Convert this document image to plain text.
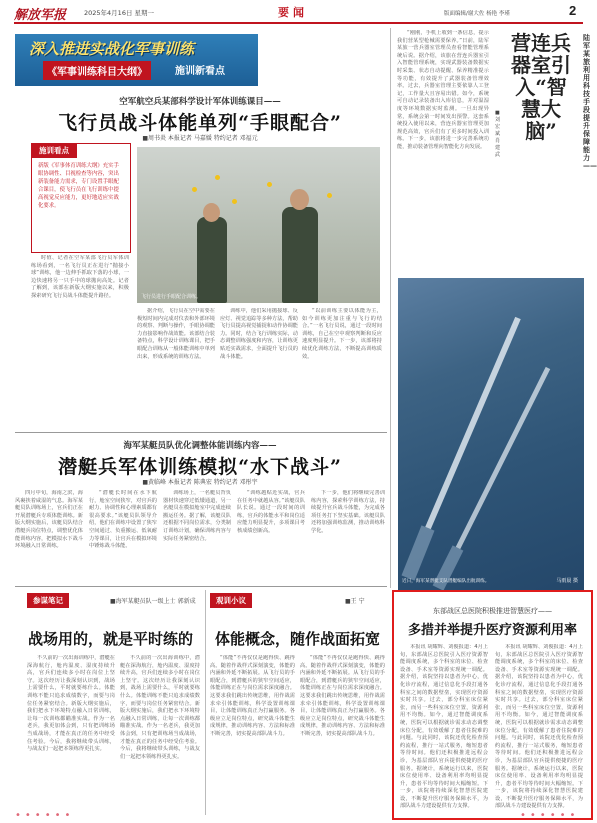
解放军报	2025年4月16日 星期一	要闻	版面编辑/谢大佐 杨艳 李瑾	2
深入推进实战化军事训练
《军事训练科目大纲》	施训新看点
空军航空兵某部科学设计军体训练课目——
飞行员战斗体能单列“手眼配合”
■周书炎 本报记者 马嘉媛 特约记者 邓福元
施训看点
新版《军事体育训练大纲》充实手眼协调性、目视检查等内容，突出新装备能力需求，专门设置手眼配合课目，使飞行员在飞行训练中提高视觉反应能力，更好地适应实战化要求。

时值、记者在空军某部飞行员军体训练场看到，一名飞行员正在进行“抛接小球”训练，他一边伸手抓取下落的小球，一边快速将另一只手中的球抛向高处。记者了解到，该部在新版大纲实施以来，积极探索研究飞行员战斗体能提升路径。	飞行员进行手眼配合训练。

据介绍，飞行员在空中需要在极短时间内完成对仪表和外部环境的观察、判断与操作，手眼协调能力直接影响作战效能。该部结合装备特点，科学设计训练课目，把手眼配合训练从一般体能训练中单列出来，形成系统的训练方法。

训练中，他们采用抛接球、反应灯、视觉追踪等多种方法，帮助飞行员提高视觉捕捉和动作协调能力。同时，结合飞行训练实际，动态调整训练强度和内容，让训练更贴近实战需求，全面提升飞行员的战斗体能。

“以前训练主要以体能为主，如今训练更加注重与飞行的结合。”一名飞行员说，通过一段时间训练，自己在空中观察判断和反应速度明显提升。下一步，该部将持续优化训练方法，不断提高训练质效。

海军某艇员队优化调整体能训练内容——
潜艇兵军体训练模拟“水下战斗”
■黄临峰 本报记者 陈典宏 特约记者 邓彤宇

四月中旬，海南之滨，海风裹挟着咸湿的气息。海军某艇员队训练场上，官兵们正在开展潜艇兵专项体能训练。新版大纲实施后，该艇员队结合潜艇兵岗位特点，调整优化体能训练内容，把模拟水下战斗环境融入日常训练。

“潜艇长时间在水下航行，舱室空间狭窄，对官兵的耐力、协调性和心理素质都有很高要求。”该艇员队领导介绍，他们在训练中设置了狭窄空间通过、负重搬运、低氧耐力等课目，让官兵在模拟环境中锤炼战斗体能。

训练场上，一名艇员背负器材快速穿过低矮通道，另一名艇员在模拟舱室中完成连续搬运任务。据了解，该艇员队还根据不同岗位需求，分类制订训练计划，确保训练内容与实际任务紧密结合。

“训练越贴近实战，官兵在任务中就越从容。”该艇员队队长说。通过一段时间的训练，官兵的体能水平和岗位适应能力明显提升，多项课目考核成绩创新高。

下一步，他们将继续完善训练内容，探索科学训练方法，持续提升官兵战斗体能，为完成各项任务打下坚实基础。该艇员队还将加强训练监测，推动训练科学化。

参谋笔记	■海军某艇员队一级上士 郭新成
战场用的，就是平时练的

不久前的一次出海训练中，潜艇在深海航行，舱内温度、湿度持续升高，官兵们连续多小时在岗位上坚守。这次经历让我深刻认识到，战场上需要什么，平时就要练什么。体能训练不能只追求成绩数字，而要与岗位任务紧密结合。新版大纲实施后，我们把水下环境特点融入日常训练，让每一次训练都瞄准实战。作为一名老兵，我更加体会到，只有把训练场当成战场，才能在真正的任务中经受住考验。今后，我将继续带头训练，与战友们一起把本领练得更扎实。

不久前的一次出海训练中，潜艇在深海航行，舱内温度、湿度持续升高，官兵们连续多小时在岗位上坚守。这次经历让我深刻认识到，战场上需要什么，平时就要练什么。体能训练不能只追求成绩数字，而要与岗位任务紧密结合。新版大纲实施后，我们把水下环境特点融入日常训练，让每一次训练都瞄准实战。作为一名老兵，我更加体会到，只有把训练场当成战场，才能在真正的任务中经受住考验。今后，我将继续带头训练，与战友们一起把本领练得更扎实。

观训小议	■王 宁
体能概念，随作战面拓宽

“体能”不再仅仅是跑得快、跳得高。随着作战样式深刻演变，体能的内涵和外延不断拓展。从飞行员的手眼配合，到潜艇兵的狭窄空间适应，体能训练正在与岗位需求深度融合。这要求我们跳出传统思维，用作战需求牵引体能训练，科学设置训练课目，让体能训练真正为打赢服务。各级应立足岗位特点，研究战斗体能生成规律，推动训练内容、方法和标准不断完善，切实提高部队战斗力。

“体能”不再仅仅是跑得快、跳得高。随着作战样式深刻演变，体能的内涵和外延不断拓展。从飞行员的手眼配合，到潜艇兵的狭窄空间适应，体能训练正在与岗位需求深度融合。这要求我们跳出传统思维，用作战需求牵引体能训练，科学设置训练课目，让体能训练真正为打赢服务。各级应立足岗位特点，研究战斗体能生成规律，推动训练内容、方法和标准不断完善，切实提高部队战斗力。

“刚刚，手机上收到一条信息，提示我们营某型枪械需要保养。”日前，陆军某旅一营兵器室管理员查看智能管理系统后说。据介绍，该旅在营连兵器室引入智能管理系统，实现武器装备数据实时采集、状态自动提醒、保养精准提示等功能，有效提升了武器装备管理效率。过去，兵器室管理主要依靠人工登记，工作量大且容易出错。如今，系统可自动记录装备出入库信息，并对温湿度等环境数据实时监测。一旦出现异常，系统会第一时间发出预警。这套系统投入使用以来，营连兵器室管理更加规范高效，官兵们有了更多时间投入训练。下一步，该旅将进一步完善系统功能，推动装备管理向智能化方向发展。

营连兵器室引入“智慧大脑”
陆军某旅利用科技手段提升保障能力——
■刘宏斌 肖建武
近日，海军某潜艇支队潜艇编队出航训练。	马雨晨 摄
东部战区总医院积极推进智慧医疗——
多措并举提升医疗资源利用率

本报讯 胡耀辉、刘俊报道：4月上旬，东部战区总医院引入医疗资源智能调度系统，多个科室的床位、检查设备、手术室等资源实现统一调配。据介绍，该院坚持以患者为中心，优化诊疗流程，通过信息化手段打通各科室之间的数据壁垒，实现医疗资源实时共享。过去，部分科室床位紧张，而另一些科室床位空置，资源利用不均衡。如今，通过智能调度系统，医院可以根据就诊需求动态调整床位分配，有效缓解了患者住院难的问题。与此同时，该院还优化检查预约流程，推行一站式服务，缩短患者等待时间。他们还积极推进远程会诊，为基层部队官兵提供便捷的医疗服务。据统计，系统运行以来，医院床位使用率、设备利用率均明显提升，患者平均等待时间大幅缩短。下一步，该院将持续深化智慧医院建设，不断提升医疗服务保障水平，为部队战斗力建设提供有力支撑。

本报讯 胡耀辉、刘俊报道：4月上旬，东部战区总医院引入医疗资源智能调度系统，多个科室的床位、检查设备、手术室等资源实现统一调配。据介绍，该院坚持以患者为中心，优化诊疗流程，通过信息化手段打通各科室之间的数据壁垒，实现医疗资源实时共享。过去，部分科室床位紧张，而另一些科室床位空置，资源利用不均衡。如今，通过智能调度系统，医院可以根据就诊需求动态调整床位分配，有效缓解了患者住院难的问题。与此同时，该院还优化检查预约流程，推行一站式服务，缩短患者等待时间。他们还积极推进远程会诊，为基层部队官兵提供便捷的医疗服务。据统计，系统运行以来，医院床位使用率、设备利用率均明显提升，患者平均等待时间大幅缩短。下一步，该院将持续深化智慧医院建设，不断提升医疗服务保障水平，为部队战斗力建设提供有力支撑。

••••••	••••••
